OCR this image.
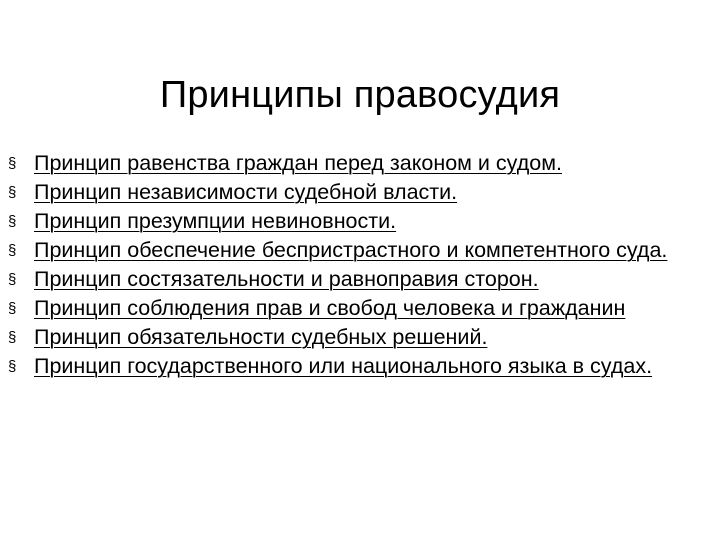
Принципы правосудия
§ Принцип равенства граждан перед законом и судом.
§ Принцип независимости судебной власти.
§ Принцип презумпции невиновности.
§ Принцип обеспечение беспристрастного и компетентного суда.
§ Принцип состязательности и равноправия сторон.
§ Принцип соблюдения прав и свобод человека и гражданин
§ Принцип обязательности судебных решений.
§ Принцип государственного или национального языка в судах.
